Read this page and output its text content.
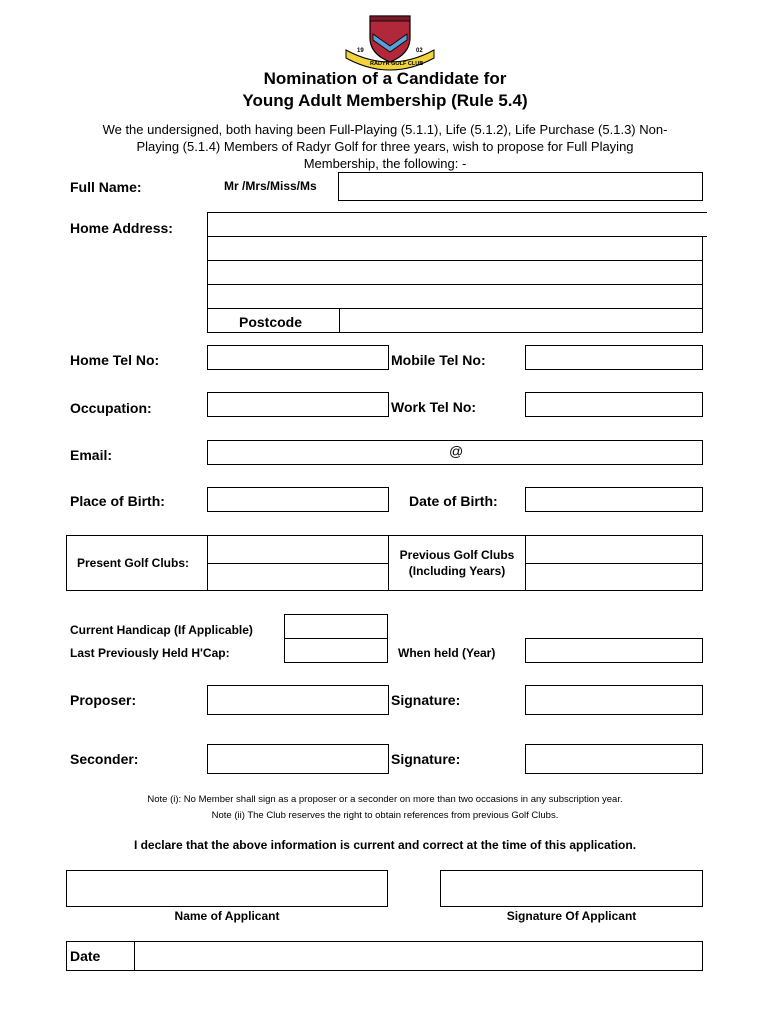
19	02
RADYR GOLF CLUB
Nomination of a Candidate for
Young Adult Membership (Rule 5.4)
We the undersigned, both having been Full-Playing (5.1.1), Life (5.1.2), Life Purchase (5.1.3) Non-
Playing (5.1.4) Members of Radyr Golf for three years, wish to propose for Full Playing
Membership, the following: -
Full Name:	Mr /Mrs/Miss/Ms
Home Address:
Postcode
Home Tel No:	Mobile Tel No:
Occupation:	Work Tel No:
Email:	@
Place of Birth:	Date of Birth:
Present Golf Clubs:
Previous Golf Clubs
(Including Years)
Current Handicap (If Applicable)
Last Previously Held H'Cap:	When held (Year)
Proposer:	Signature:
Seconder:	Signature:
Note (i): No Member shall sign as a proposer or a seconder on more than two occasions in any subscription year.
Note (ii) The Club reserves the right to obtain references from previous Golf Clubs.
I declare that the above information is current and correct at the time of this application.
Name of Applicant	Signature Of Applicant
Date
